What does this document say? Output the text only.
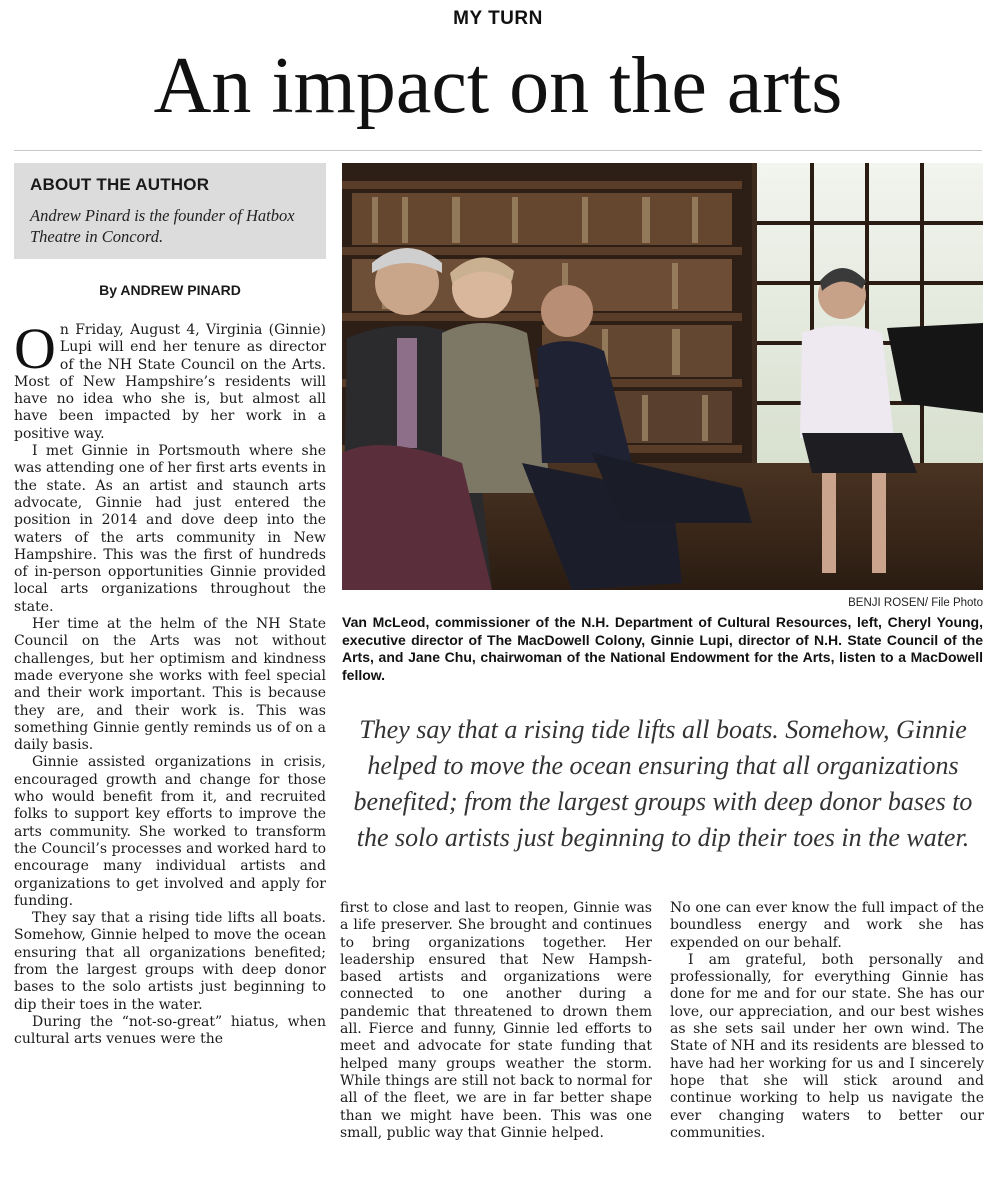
MY TURN
An impact on the arts
ABOUT THE AUTHOR
Andrew Pinard is the founder of Hatbox Theatre in Concord.
By ANDREW PINARD

On Friday, August 4, Virginia (Ginnie) Lupi will end her tenure as director of the NH State Council on the Arts. Most of New Hampshire’s residents will have no idea who she is, but almost all have been impacted by her work in a positive way.

I met Ginnie in Portsmouth where she was attending one of her first arts events in the state. As an artist and staunch arts advocate, Ginnie had just entered the position in 2014 and dove deep into the waters of the arts community in New Hampshire. This was the first of hundreds of in-person opportunities Ginnie provided local arts organizations throughout the state.

Her time at the helm of the NH State Council on the Arts was not without challenges, but her optimism and kindness made everyone she works with feel special and their work important. This is because they are, and their work is. This was something Ginnie gently reminds us of on a daily basis.

Ginnie assisted organizations in crisis, encouraged growth and change for those who would benefit from it, and recruited folks to support key efforts to improve the arts community. She worked to transform the Council’s processes and worked hard to encourage many individual artists and organizations to get involved and apply for funding.

They say that a rising tide lifts all boats. Somehow, Ginnie helped to move the ocean ensuring that all organizations benefited; from the largest groups with deep donor bases to the solo artists just beginning to dip their toes in the water.

During the “not-so-great” hiatus, when cultural arts venues were the

BENJI ROSEN/ File Photo
Van McLeod, commissioner of the N.H. Department of Cultural Resources, left, Cheryl Young, executive director of The MacDowell Colony, Ginnie Lupi, director of N.H. State Council of the Arts, and Jane Chu, chairwoman of the National Endowment for the Arts, listen to a MacDowell fellow.
They say that a rising tide lifts all boats. Somehow, Ginnie helped to move the ocean ensuring that all organizations benefited; from the largest groups with deep donor bases to the solo artists just beginning to dip their toes in the water.

first to close and last to reopen, Ginnie was a life preserver. She brought and continues to bring organizations together. Her leadership ensured that New Hampsh-based artists and organizations were connected to one another during a pandemic that threatened to drown them all. Fierce and funny, Ginnie led efforts to meet and advocate for state funding that helped many groups weather the storm. While things are still not back to normal for all of the fleet, we are in far better shape than we might have been. This was one small, public way that Ginnie helped.

No one can ever know the full impact of the boundless energy and work she has expended on our behalf.

I am grateful, both personally and professionally, for everything Ginnie has done for me and for our state. She has our love, our appreciation, and our best wishes as she sets sail under her own wind. The State of NH and its residents are blessed to have had her working for us and I sincerely hope that she will stick around and continue working to help us navigate the ever changing waters to better our communities.
